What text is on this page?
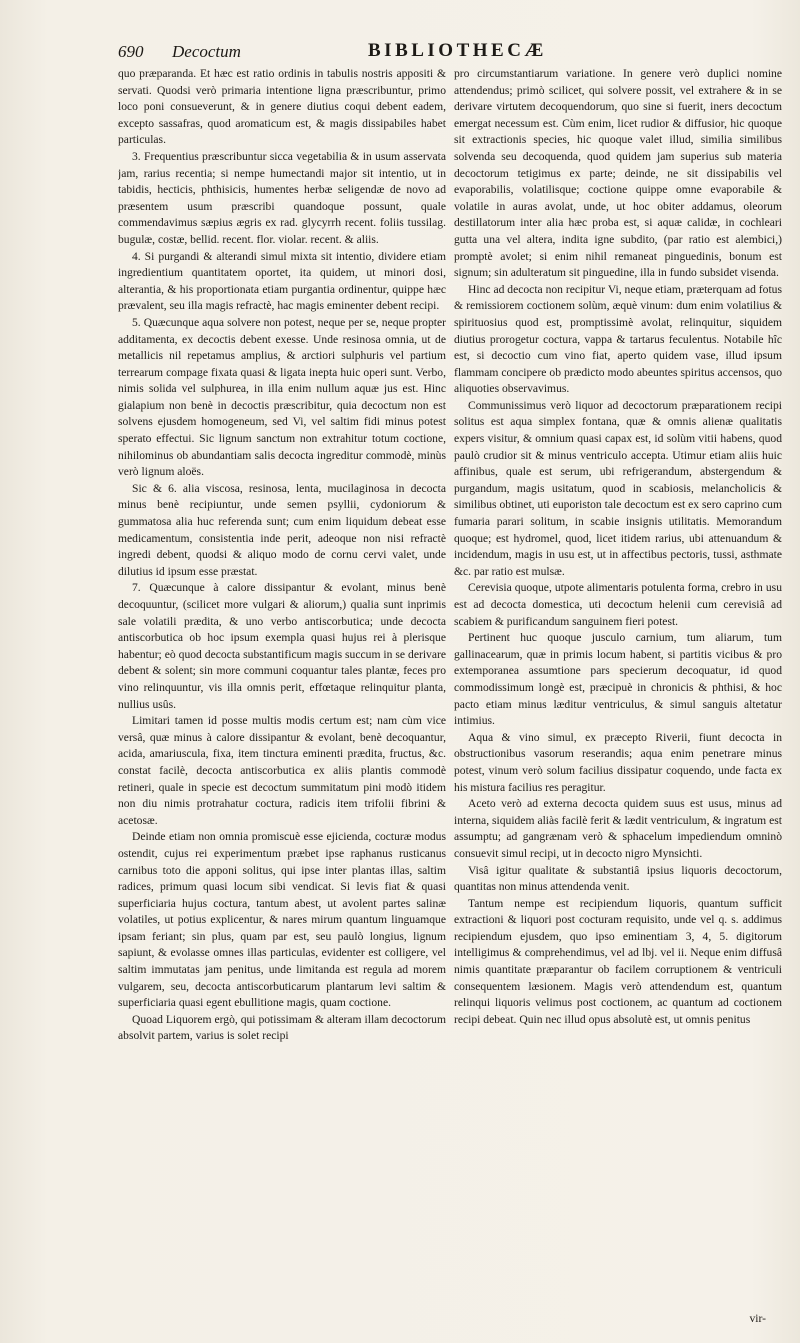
690 Decoctum	BIBLIOTHECÆ

quo præparanda. Et hæc est ratio ordinis in tabulis nostris appositi & servati. Quodsi verò primaria intentione ligna præscribuntur, primo loco poni consueverunt, & in genere diutius coqui debent eadem, excepto sassafras, quod aromaticum est, & magis dissipabiles habet particulas.

3. Frequentius præscribuntur sicca vegetabilia & in usum asservata jam, rarius recentia; si nempe humectandi major sit intentio, ut in tabidis, hecticis, phthisicis, humentes herbæ seligendæ de novo ad præsentem usum præscribi quandoque possunt, quale commendavimus sæpius ægris ex rad. glycyrrh recent. foliis tussilag. bugulæ, costæ, bellid. recent. flor. violar. recent. & aliis.

4. Si purgandi & alterandi simul mixta sit intentio, dividere etiam ingredientium quantitatem oportet, ita quidem, ut minori dosi, alterantia, & his proportionata etiam purgantia ordinentur, quippe hæc prævalent, seu illa magis refractè, hac magis eminenter debent recipi.

5. Quæcunque aqua solvere non potest, neque per se, neque propter additamenta, ex decoctis debent exesse. Unde resinosa omnia, ut de metallicis nil repetamus amplius, & arctiori sulphuris vel partium terrearum compage fixata quasi & ligata inepta huic operi sunt. Verbo, nimis solida vel sulphurea, in illa enim nullum aquæ jus est. Hinc gialapium non benè in decoctis præscribitur, quia decoctum non est solvens ejusdem homogeneum, sed Vi, vel saltim fidi minus potest sperato effectui. Sic lignum sanctum non extrahitur totum coctione, nihilominus ob abundantiam salis decocta ingreditur commodè, minùs verò lignum aloës.

Sic & 6. alia viscosa, resinosa, lenta, mucilaginosa in decocta minus benè recipiuntur, unde semen psyllii, cydoniorum & gummatosa alia huc referenda sunt; cum enim liquidum debeat esse medicamentum, consistentia inde perit, adeoque non nisi refractè ingredi debent, quodsi & aliquo modo de cornu cervi valet, unde dilutius id ipsum esse præstat.

7. Quæcunque à calore dissipantur & evolant, minus benè decoquuntur, (scilicet more vulgari & aliorum,) qualia sunt inprimis sale volatili prædita, & uno verbo antiscorbutica; unde decocta antiscorbutica ob hoc ipsum exempla quasi hujus rei à plerisque habentur; eò quod decocta substantificum magis succum in se derivare debent & solent; sin more communi coquantur tales plantæ, feces pro vino relinquuntur, vis illa omnis perit, effœtaque relinquitur planta, nullius usûs.

Limitari tamen id posse multis modis certum est; nam cùm vice versâ, quæ minus à calore dissipantur & evolant, benè decoquantur, acida, amariuscula, fixa, item tinctura eminenti prædita, fructus, &c. constat facilè, decocta antiscorbutica ex aliis plantis commodè retineri, quale in specie est decoctum summitatum pini modò itidem non diu nimis protrahatur coctura, radicis item trifolii fibrini & acetosæ.

Deinde etiam non omnia promiscuè esse ejicienda, cocturæ modus ostendit, cujus rei experimentum præbet ipse raphanus rusticanus carnibus toto die apponi solitus, qui ipse inter plantas illas, saltim radices, primum quasi locum sibi vendicat. Si levis fiat & quasi superficiaria hujus coctura, tantum abest, ut avolent partes salinæ volatiles, ut potius explicentur, & nares mirum quantum linguamque ipsam feriant; sin plus, quam par est, seu paulò longius, lignum sapiunt, & evolasse omnes illas particulas, evidenter est colligere, vel saltim immutatas jam penitus, unde limitanda est regula ad morem vulgarem, seu, decocta antiscorbuticarum plantarum levi saltim & superficiaria quasi egent ebullitione magis, quam coctione.

Quoad Liquorem ergò, qui potissimam & alteram illam decoctorum absolvit partem, varius is solet recipi

pro circumstantiarum variatione. In genere verò duplici nomine attendendus; primò scilicet, qui solvere possit, vel extrahere & in se derivare virtutem decoquendorum, quo sine si fuerit, iners decoctum emergat necessum est. Cùm enim, licet rudior & diffusior, hic quoque sit extractionis species, hic quoque valet illud, similia similibus solvenda seu decoquenda, quod quidem jam superius sub materia decoctorum tetigimus ex parte; deinde, ne sit dissipabilis vel evaporabilis, volatilisque; coctione quippe omne evaporabile & volatile in auras avolat, unde, ut hoc obiter addamus, oleorum destillatorum inter alia hæc proba est, si aquæ calidæ, in cochleari gutta una vel altera, indita igne subdito, (par ratio est alembici,) promptè avolet; si enim nihil remaneat pinguedinis, bonum est signum; sin adulteratum sit pinguedine, illa in fundo subsidet visenda.

Hinc ad decocta non recipitur Vi, neque etiam, præterquam ad fotus & remissiorem coctionem solùm, æquè vinum: dum enim volatilius & spirituosius quod est, promptissimè avolat, relinquitur, siquidem diutius prorogetur coctura, vappa & tartarus feculentus. Notabile hîc est, si decoctio cum vino fiat, aperto quidem vase, illud ipsum flammam concipere ob prædicto modo abeuntes spiritus accensos, quo aliquoties observavimus.

Communissimus verò liquor ad decoctorum præparationem recipi solitus est aqua simplex fontana, quæ & omnis alienæ qualitatis expers visitur, & omnium quasi capax est, id solùm vitii habens, quod paulò crudior sit & minus ventriculo accepta. Utimur etiam aliis huic affinibus, quale est serum, ubi refrigerandum, abstergendum & purgandum, magis usitatum, quod in scabiosis, melancholicis & similibus obtinet, uti euporiston tale decoctum est ex sero caprino cum fumaria parari solitum, in scabie insignis utilitatis. Memorandum quoque; est hydromel, quod, licet itidem rarius, ubi attenuandum & incidendum, magis in usu est, ut in affectibus pectoris, tussi, asthmate &c. par ratio est mulsæ.

Cerevisia quoque, utpote alimentaris potulenta forma, crebro in usu est ad decocta domestica, uti decoctum helenii cum cerevisiâ ad scabiem & purificandum sanguinem fieri potest.

Pertinent huc quoque jusculo carnium, tum aliarum, tum gallinacearum, quæ in primis locum habent, si partitis vicibus & pro extemporanea assumtione pars specierum decoquatur, id quod commodissimum longè est, præcipuè in chronicis & phthisi, & hoc pacto etiam minus læditur ventriculus, & simul sanguis altetatur intimius.

Aqua & vino simul, ex præcepto Riverii, fiunt decocta in obstructionibus vasorum reserandis; aqua enim penetrare minus potest, vinum verò solum facilius dissipatur coquendo, unde facta ex his mistura facilius res peragitur.

Aceto verò ad externa decocta quidem suus est usus, minus ad interna, siquidem aliàs facilè ferit & lædit ventriculum, & ingratum est assumptu; ad gangrænam verò & sphacelum impediendum omninò consuevit simul recipi, ut in decocto nigro Mynsichti.

Visâ igitur qualitate & substantiâ ipsius liquoris decoctorum, quantitas non minus attendenda venit.

Tantum nempe est recipiendum liquoris, quantum sufficit extractioni & liquori post cocturam requisito, unde vel q. s. addimus recipiendum ejusdem, quo ipso eminentiam 3, 4, 5. digitorum intelligimus & comprehendimus, vel ad lbj. vel ii. Neque enim diffusâ nimis quantitate præparantur ob facilem corruptionem & ventriculi consequentem læsionem. Magis verò attendendum est, quantum relinqui liquoris velimus post coctionem, ac quantum ad coctionem recipi debeat. Quin nec illud opus absolutè est, ut omnis penitus

vir-
